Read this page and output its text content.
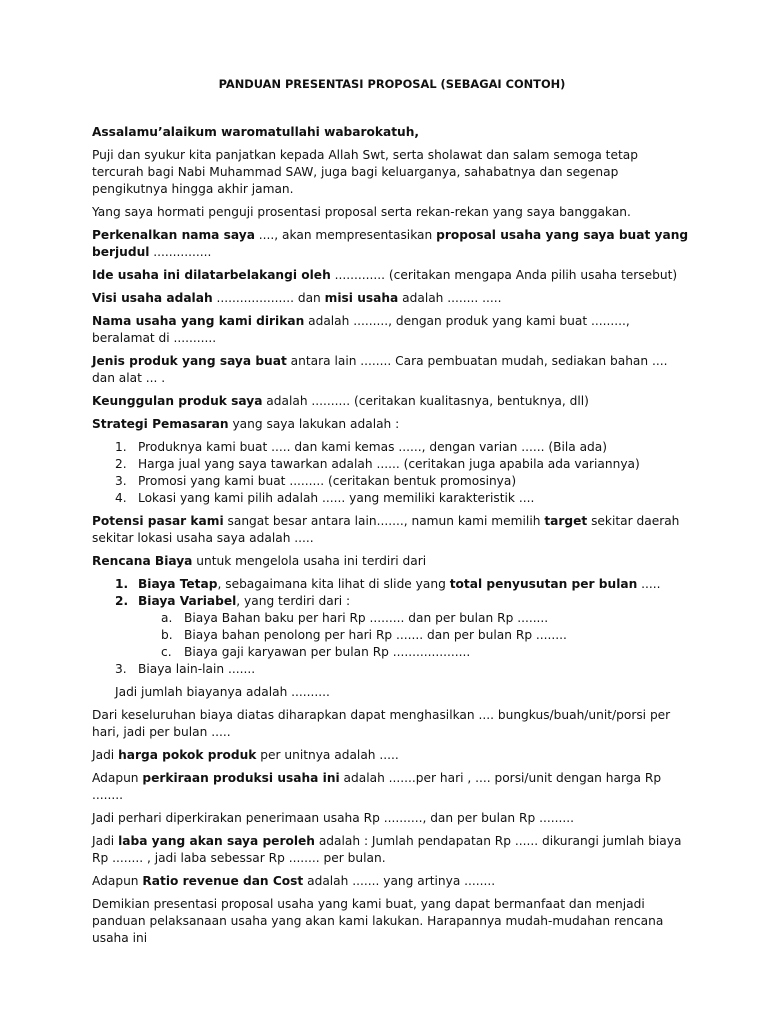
PANDUAN PRESENTASI PROPOSAL (SEBAGAI CONTOH)

Assalamu’alaikum waromatullahi wabarokatuh,

Puji dan syukur kita panjatkan kepada Allah Swt, serta sholawat dan salam semoga tetap tercurah bagi Nabi Muhammad SAW, juga bagi keluarganya, sahabatnya dan segenap pengikutnya hingga akhir jaman.

Yang saya hormati penguji prosentasi proposal serta rekan-rekan yang saya banggakan.

Perkenalkan nama saya ...., akan mempresentasikan proposal usaha yang saya buat yang berjudul ...............

Ide usaha ini dilatarbelakangi oleh ............. (ceritakan mengapa Anda pilih usaha tersebut)

Visi usaha adalah .................... dan misi usaha adalah ........ .....

Nama usaha yang kami dirikan adalah ........., dengan produk yang kami buat ........., beralamat di ...........

Jenis produk yang saya buat antara lain ........ Cara pembuatan mudah, sediakan bahan .... dan alat ... .

Keunggulan produk saya adalah .......... (ceritakan kualitasnya, bentuknya, dll)

Strategi Pemasaran yang saya lakukan adalah :

1. Produknya kami buat ..... dan kami kemas ......, dengan varian ...... (Bila ada)
2. Harga jual yang saya tawarkan adalah ...... (ceritakan juga apabila ada variannya)
3. Promosi yang kami buat ......... (ceritakan bentuk promosinya)
4. Lokasi yang kami pilih adalah ...... yang memiliki karakteristik ....

Potensi pasar kami sangat besar antara lain......., namun kami memilih target sekitar daerah sekitar lokasi usaha saya adalah .....

Rencana Biaya untuk mengelola usaha ini terdiri dari

1. Biaya Tetap, sebagaimana kita lihat di slide yang total penyusutan per bulan .....
2. Biaya Variabel, yang terdiri dari :
a. Biaya Bahan baku per hari Rp ......... dan per bulan Rp ........
b. Biaya bahan penolong per hari Rp ....... dan per bulan Rp ........
c. Biaya gaji karyawan per bulan Rp ....................
3. Biaya lain-lain .......

Jadi jumlah biayanya adalah ..........

Dari keseluruhan biaya diatas diharapkan dapat menghasilkan .... bungkus/buah/unit/porsi per hari, jadi per bulan .....

Jadi harga pokok produk per unitnya adalah .....

Adapun perkiraan produksi usaha ini adalah .......per hari , .... porsi/unit dengan harga Rp ........

Jadi perhari diperkirakan penerimaan usaha Rp .........., dan per bulan Rp .........

Jadi laba yang akan saya peroleh adalah : Jumlah pendapatan Rp ...... dikurangi jumlah biaya Rp ........ , jadi laba sebessar Rp ........ per bulan.

Adapun Ratio revenue dan Cost adalah ....... yang artinya ........

Demikian presentasi proposal usaha yang kami buat, yang dapat bermanfaat dan menjadi panduan pelaksanaan usaha yang akan kami lakukan. Harapannya mudah-mudahan rencana usaha ini
